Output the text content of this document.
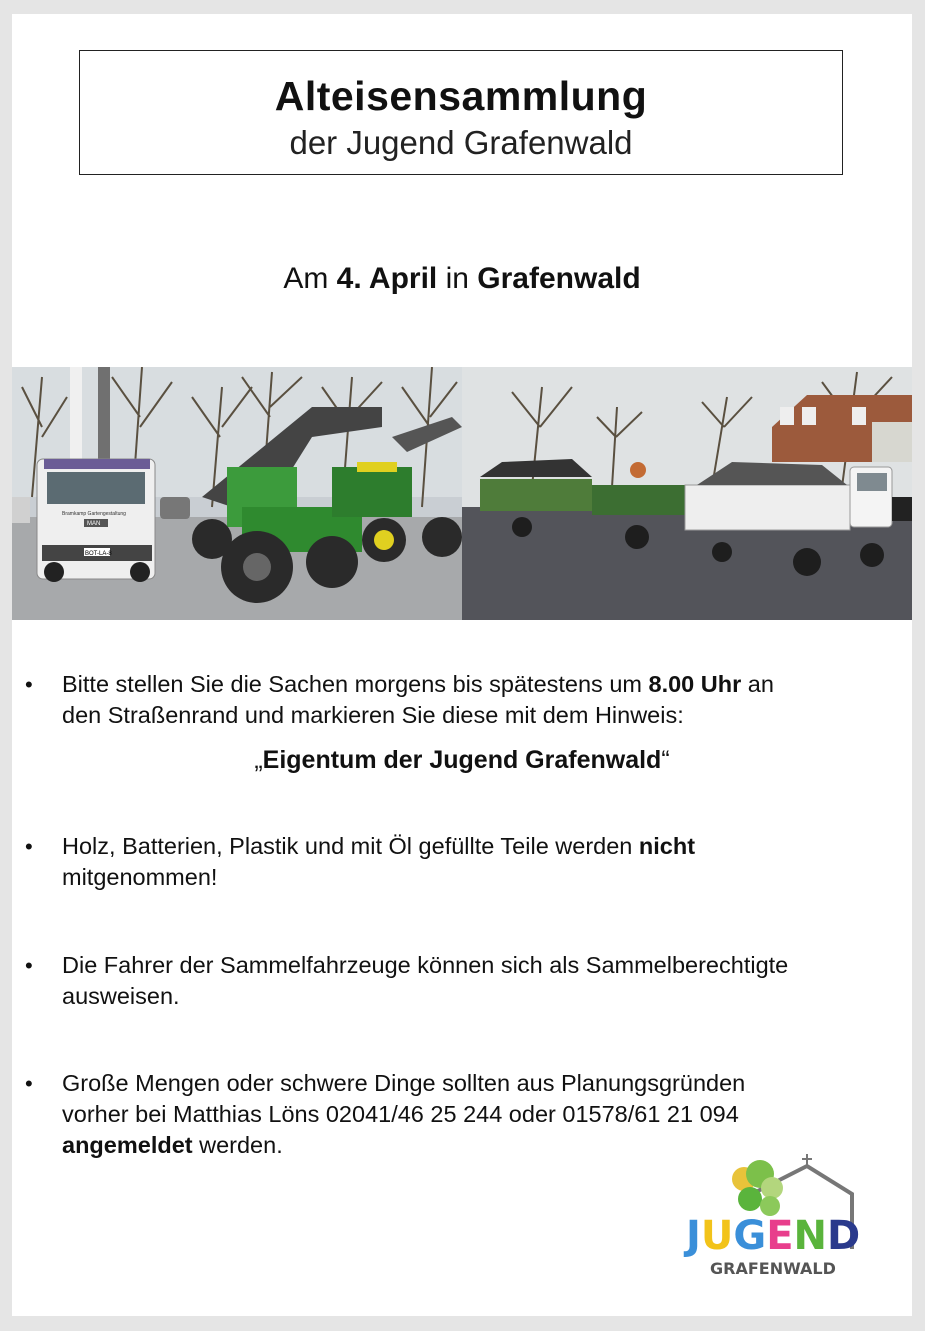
Alteisensammlung
der Jugend Grafenwald
Am 4. April in Grafenwald
Bramkamp Gartengestaltung
MAN
BOT-LA-8
• Bitte stellen Sie die Sachen morgens bis spätestens um 8.00 Uhr an
den Straßenrand und markieren Sie diese mit dem Hinweis:
„Eigentum der Jugend Grafenwald“
• Holz, Batterien, Plastik und mit Öl gefüllte Teile werden nicht
mitgenommen!
• Die Fahrer der Sammelfahrzeuge können sich als Sammelberechtigte
ausweisen.
• Große Mengen oder schwere Dinge sollten aus Planungsgründen
vorher bei Matthias Löns 02041/46 25 244 oder 01578/61 21 094
angemeldet werden.
JUGEND
GRAFENWALD
